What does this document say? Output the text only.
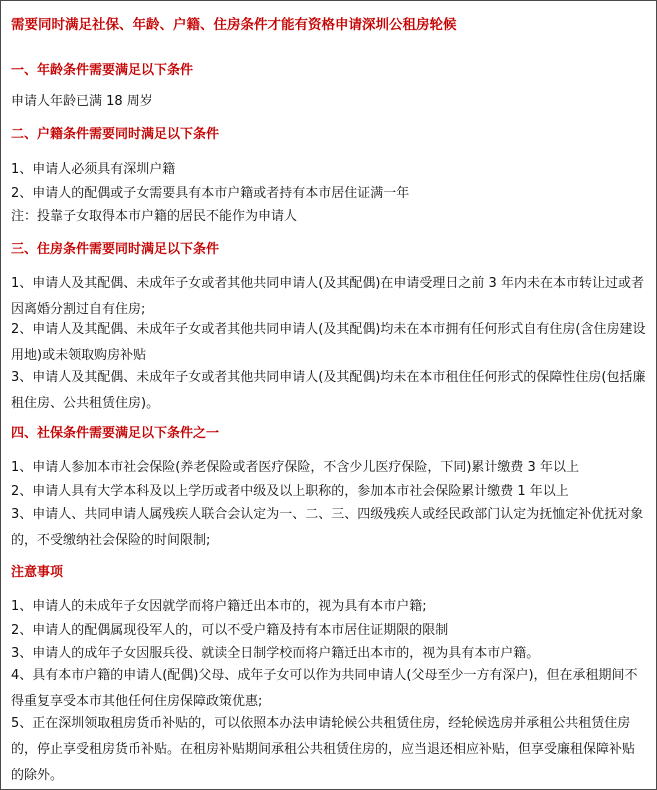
需要同时满足社保、年龄、户籍、住房条件才能有资格申请深圳公租房轮候
一、年龄条件需要满足以下条件
申请人年龄已满 18 周岁
二、户籍条件需要同时满足以下条件
1、申请人必须具有深圳户籍
2、申请人的配偶或子女需要具有本市户籍或者持有本市居住证满一年
注：投靠子女取得本市户籍的居民不能作为申请人
三、住房条件需要同时满足以下条件
1、申请人及其配偶、未成年子女或者其他共同申请人(及其配偶)在申请受理日之前 3 年内未在本市转让过或者因离婚分割过自有住房;
2、申请人及其配偶、未成年子女或者其他共同申请人(及其配偶)均未在本市拥有任何形式自有住房(含住房建设用地)或未领取购房补贴
3、申请人及其配偶、未成年子女或者其他共同申请人(及其配偶)均未在本市租住任何形式的保障性住房(包括廉租住房、公共租赁住房)。
四、社保条件需要满足以下条件之一
1、申请人参加本市社会保险(养老保险或者医疗保险，不含少儿医疗保险，下同)累计缴费 3 年以上
2、申请人具有大学本科及以上学历或者中级及以上职称的，参加本市社会保险累计缴费 1 年以上
3、申请人、共同申请人属残疾人联合会认定为一、二、三、四级残疾人或经民政部门认定为抚恤定补优抚对象的，不受缴纳社会保险的时间限制;
注意事项
1、申请人的未成年子女因就学而将户籍迁出本市的，视为具有本市户籍;
2、申请人的配偶属现役军人的，可以不受户籍及持有本市居住证期限的限制
3、申请人的成年子女因服兵役、就读全日制学校而将户籍迁出本市的，视为具有本市户籍。
4、具有本市户籍的申请人(配偶)父母、成年子女可以作为共同申请人(父母至少一方有深户)，但在承租期间不得重复享受本市其他任何住房保障政策优惠;
5、正在深圳领取租房货币补贴的，可以依照本办法申请轮候公共租赁住房，经轮候选房并承租公共租赁住房的，停止享受租房货币补贴。在租房补贴期间承租公共租赁住房的，应当退还相应补贴，但享受廉租保障补贴的除外。
